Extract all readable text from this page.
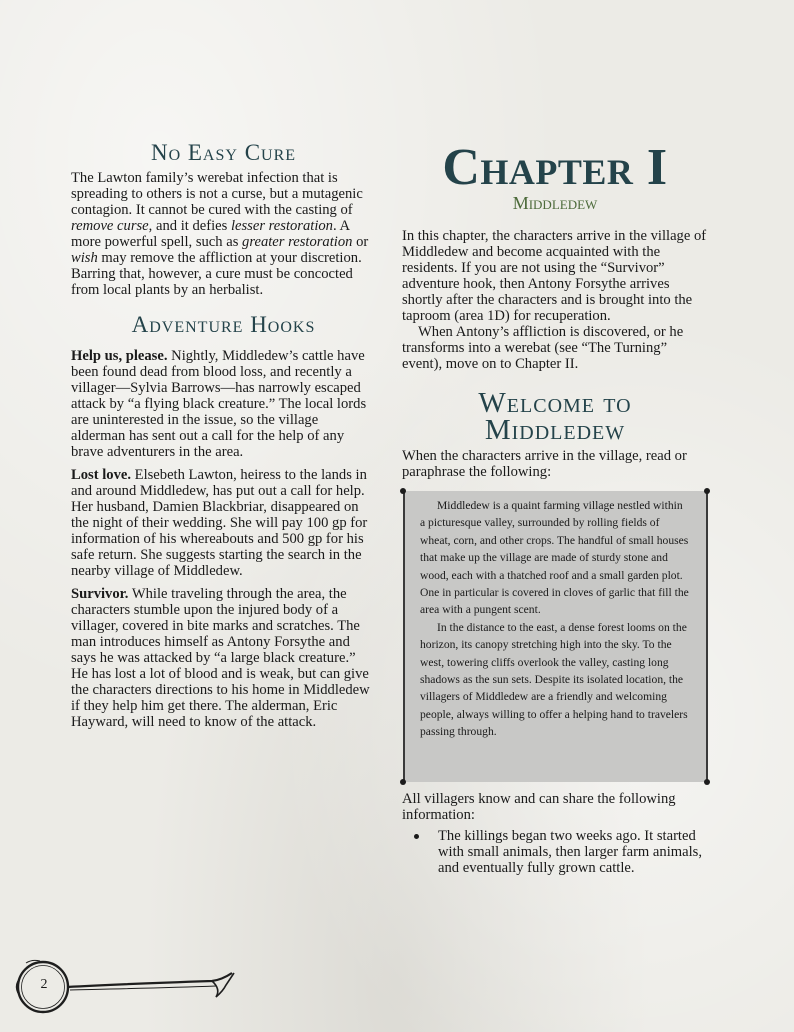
No Easy Cure

The Lawton family’s werebat infection that is spreading to others is not a curse, but a mutagenic contagion. It cannot be cured with the casting of remove curse, and it defies lesser restoration. A more powerful spell, such as greater restoration or wish may remove the affliction at your discretion. Barring that, however, a cure must be concocted from local plants by an herbalist.

Adventure Hooks

Help us, please. Nightly, Middledew’s cattle have been found dead from blood loss, and recently a villager—Sylvia Barrows—has narrowly escaped attack by “a flying black creature.” The local lords are uninterested in the issue, so the village alderman has sent out a call for the help of any brave adventurers in the area.

Lost love. Elsebeth Lawton, heiress to the lands in and around Middledew, has put out a call for help. Her husband, Damien Blackbriar, disappeared on the night of their wedding. She will pay 100 gp for information of his whereabouts and 500 gp for his safe return. She suggests starting the search in the nearby village of Middledew.

Survivor. While traveling through the area, the characters stumble upon the injured body of a villager, covered in bite marks and scratches. The man introduces himself as Antony Forsythe and says he was attacked by “a large black creature.” He has lost a lot of blood and is weak, but can give the characters directions to his home in Middledew if they help him get there. The alderman, Eric Hayward, will need to know of the attack.

Chapter I
Middledew

In this chapter, the characters arrive in the village of Middledew and become acquainted with the residents. If you are not using the “Survivor” adventure hook, then Antony Forsythe arrives shortly after the characters and is brought into the taproom (area 1D) for recuperation.

When Antony’s affliction is discovered, or he transforms into a werebat (see “The Turning” event), move on to Chapter II.

Welcome to
Middledew
When the characters arrive in the village, read or paraphrase the following:

Middledew is a quaint farming village nestled within a picturesque valley, surrounded by rolling fields of wheat, corn, and other crops. The handful of small houses that make up the village are made of sturdy stone and wood, each with a thatched roof and a small garden plot. One in particular is covered in cloves of garlic that fill the area with a pungent scent.

In the distance to the east, a dense forest looms on the horizon, its canopy stretching high into the sky. To the west, towering cliffs overlook the valley, casting long shadows as the sun sets. Despite its isolated location, the villagers of Middledew are a friendly and welcoming people, always willing to offer a helping hand to travelers passing through.

All villagers know and can share the following information:
The killings began two weeks ago. It started with small animals, then larger farm animals, and eventually fully grown cattle.
2
